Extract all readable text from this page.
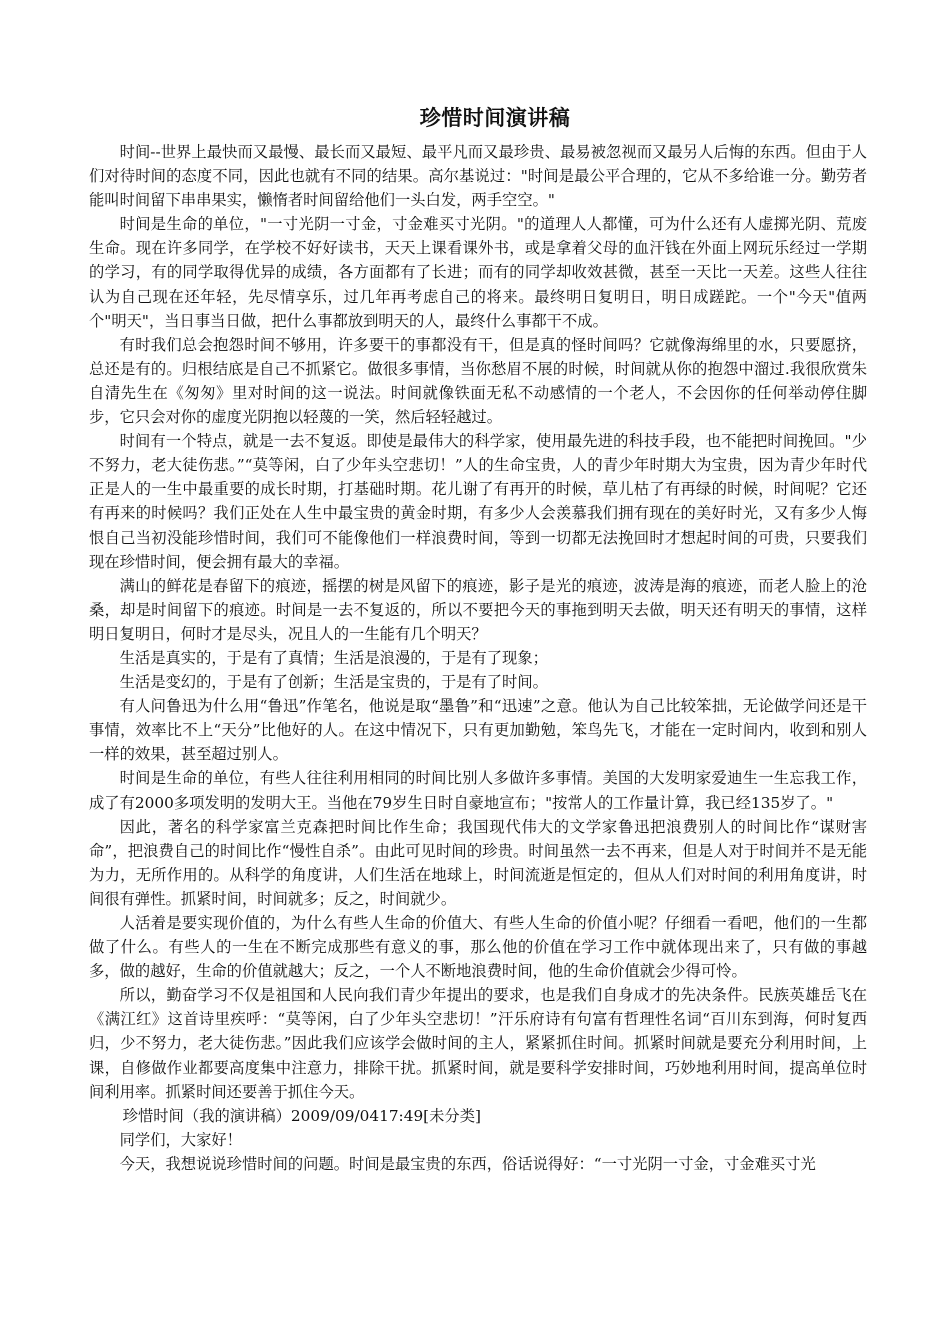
珍惜时间演讲稿

时间--世界上最快而又最慢、最长而又最短、最平凡而又最珍贵、最易被忽视而又最另人后悔的东西。但由于人们对待时间的态度不同，因此也就有不同的结果。高尔基说过："时间是最公平合理的，它从不多给谁一分。勤劳者能叫时间留下串串果实，懒惰者时间留给他们一头白发，两手空空。"

时间是生命的单位，"一寸光阴一寸金，寸金难买寸光阴。"的道理人人都懂，可为什么还有人虚掷光阴、荒废生命。现在许多同学，在学校不好好读书，天天上课看课外书，或是拿着父母的血汗钱在外面上网玩乐经过一学期的学习，有的同学取得优异的成绩，各方面都有了长进；而有的同学却收效甚微，甚至一天比一天差。这些人往往认为自己现在还年轻，先尽情享乐，过几年再考虑自己的将来。最终明日复明日，明日成蹉跎。一个"今天"值两个"明天"，当日事当日做，把什么事都放到明天的人，最终什么事都干不成。

有时我们总会抱怨时间不够用，许多要干的事都没有干，但是真的怪时间吗？它就像海绵里的水，只要愿挤，总还是有的。归根结底是自己不抓紧它。做很多事情，当你愁眉不展的时候，时间就从你的抱怨中溜过.我很欣赏朱自清先生在《匆匆》里对时间的这一说法。时间就像铁面无私不动感情的一个老人，不会因你的任何举动停住脚步，它只会对你的虚度光阴抱以轻蔑的一笑，然后轻轻越过。

时间有一个特点，就是一去不复返。即使是最伟大的科学家，使用最先进的科技手段，也不能把时间挽回。"少不努力，老大徒伤悲。”“莫等闲，白了少年头空悲切！”人的生命宝贵，人的青少年时期大为宝贵，因为青少年时代正是人的一生中最重要的成长时期，打基础时期。花儿谢了有再开的时候，草儿枯了有再绿的时候，时间呢？它还有再来的时候吗？我们正处在人生中最宝贵的黄金时期，有多少人会羡慕我们拥有现在的美好时光，又有多少人悔恨自己当初没能珍惜时间，我们可不能像他们一样浪费时间，等到一切都无法挽回时才想起时间的可贵，只要我们现在珍惜时间，便会拥有最大的幸福。

满山的鲜花是春留下的痕迹，摇摆的树是风留下的痕迹，影子是光的痕迹，波涛是海的痕迹，而老人脸上的沧桑，却是时间留下的痕迹。时间是一去不复返的，所以不要把今天的事拖到明天去做，明天还有明天的事情，这样明日复明日，何时才是尽头，况且人的一生能有几个明天？

生活是真实的，于是有了真情；生活是浪漫的，于是有了现象；

生活是变幻的，于是有了创新；生活是宝贵的，于是有了时间。

有人问鲁迅为什么用“鲁迅”作笔名，他说是取“墨鲁”和“迅速”之意。他认为自己比较笨拙，无论做学问还是干事情，效率比不上“天分”比他好的人。在这中情况下，只有更加勤勉，笨鸟先飞，才能在一定时间内，收到和别人一样的效果，甚至超过别人。

时间是生命的单位，有些人往往利用相同的时间比别人多做许多事情。美国的大发明家爱迪生一生忘我工作，成了有2000多项发明的发明大王。当他在79岁生日时自豪地宣布；"按常人的工作量计算，我已经135岁了。"

因此，著名的科学家富兰克森把时间比作生命；我国现代伟大的文学家鲁迅把浪费别人的时间比作“谋财害命”，把浪费自己的时间比作“慢性自杀”。由此可见时间的珍贵。时间虽然一去不再来，但是人对于时间并不是无能为力，无所作用的。从科学的角度讲，人们生活在地球上，时间流逝是恒定的，但从人们对时间的利用角度讲，时间很有弹性。抓紧时间，时间就多；反之，时间就少。

人活着是要实现价值的，为什么有些人生命的价值大、有些人生命的价值小呢？仔细看一看吧，他们的一生都做了什么。有些人的一生在不断完成那些有意义的事，那么他的价值在学习工作中就体现出来了，只有做的事越多，做的越好，生命的价值就越大；反之，一个人不断地浪费时间，他的生命价值就会少得可怜。

所以，勤奋学习不仅是祖国和人民向我们青少年提出的要求，也是我们自身成才的先决条件。民族英雄岳飞在《满江红》这首诗里疾呼：“莫等闲，白了少年头空悲切！”汗乐府诗有句富有哲理性名词“百川东到海，何时复西归，少不努力，老大徒伤悲。”因此我们应该学会做时间的主人，紧紧抓住时间。抓紧时间就是要充分利用时间，上课，自修做作业都要高度集中注意力，排除干扰。抓紧时间，就是要科学安排时间，巧妙地利用时间，提高单位时间利用率。抓紧时间还要善于抓住今天。

珍惜时间（我的演讲稿）2009/09/0417:49[未分类]

同学们，大家好！

今天，我想说说珍惜时间的问题。时间是最宝贵的东西，俗话说得好：“一寸光阴一寸金，寸金难买寸光
